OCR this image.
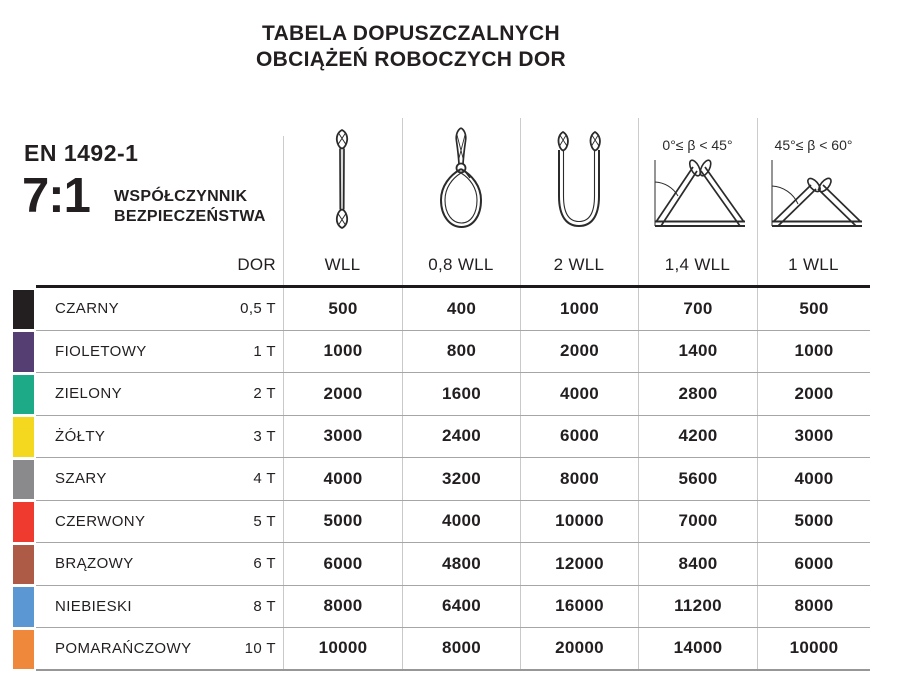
TABELA DOPUSZCZALNYCH
OBCIĄŻEŃ ROBOCZYCH DOR
EN 1492-1
7:1 WSPÓŁCZYNNIK
BEZPIECZEŃSTWA
0°≤ β < 45°	45°≤ β < 60°
DOR	WLL	0,8 WLL	2 WLL	1,4 WLL	1 WLL
CZARNY	0,5 T	500	400	1000	700	500
FIOLETOWY	1 T	1000	800	2000	1400	1000
ZIELONY	2 T	2000	1600	4000	2800	2000
ŻÓŁTY	3 T	3000	2400	6000	4200	3000
SZARY	4 T	4000	3200	8000	5600	4000
CZERWONY	5 T	5000	4000	10000	7000	5000
BRĄZOWY	6 T	6000	4800	12000	8400	6000
NIEBIESKI	8 T	8000	6400	16000	11200	8000
POMARAŃCZOWY	10 T	10000	8000	20000	14000	10000
